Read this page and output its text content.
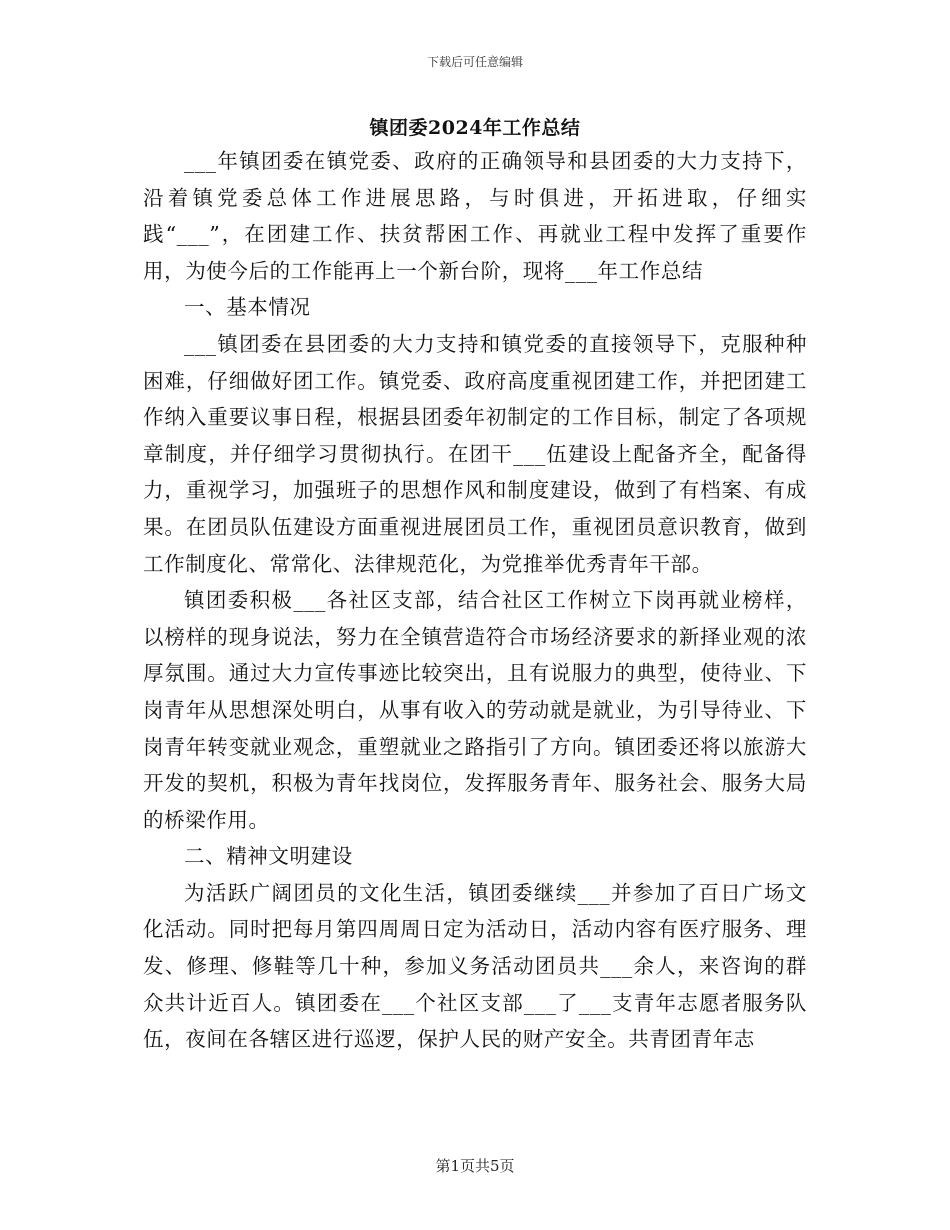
下载后可任意编辑
镇团委2024年工作总结

___年镇团委在镇党委、政府的正确领导和县团委的大力支持下，沿着镇党委总体工作进展思路，与时俱进，开拓进取，仔细实践“___”，在团建工作、扶贫帮困工作、再就业工程中发挥了重要作用，为使今后的工作能再上一个新台阶，现将___年工作总结

一、基本情况

___镇团委在县团委的大力支持和镇党委的直接领导下，克服种种困难，仔细做好团工作。镇党委、政府高度重视团建工作，并把团建工作纳入重要议事日程，根据县团委年初制定的工作目标，制定了各项规章制度，并仔细学习贯彻执行。在团干___伍建设上配备齐全，配备得力，重视学习，加强班子的思想作风和制度建设，做到了有档案、有成果。在团员队伍建设方面重视进展团员工作，重视团员意识教育，做到工作制度化、常常化、法律规范化，为党推举优秀青年干部。

镇团委积极___各社区支部，结合社区工作树立下岗再就业榜样，以榜样的现身说法，努力在全镇营造符合市场经济要求的新择业观的浓厚氛围。通过大力宣传事迹比较突出，且有说服力的典型，使待业、下岗青年从思想深处明白，从事有收入的劳动就是就业，为引导待业、下岗青年转变就业观念，重塑就业之路指引了方向。镇团委还将以旅游大开发的契机，积极为青年找岗位，发挥服务青年、服务社会、服务大局的桥梁作用。

二、精神文明建设

为活跃广阔团员的文化生活，镇团委继续___并参加了百日广场文化活动。同时把每月第四周周日定为活动日，活动内容有医疗服务、理发、修理、修鞋等几十种，参加义务活动团员共___余人，来咨询的群众共计近百人。镇团委在___个社区支部___了___支青年志愿者服务队伍，夜间在各辖区进行巡逻，保护人民的财产安全。共青团青年志

第1页共5页
